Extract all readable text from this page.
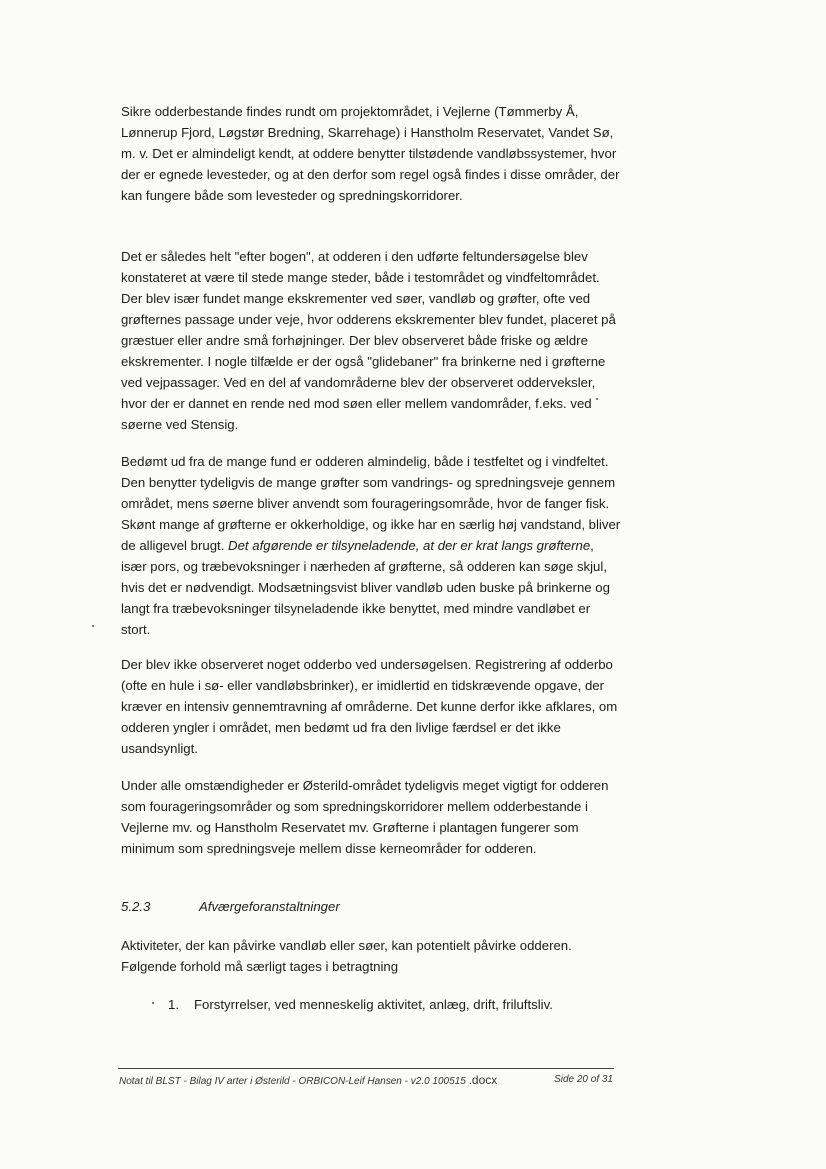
Sikre odderbestande findes rundt om projektområdet, i Vejlerne (Tømmerby Å, Lønnerup Fjord, Løgstør Bredning, Skarrehage) i Hanstholm Reservatet, Vandet Sø, m. v. Det er almindeligt kendt, at oddere benytter tilstødende vandløbssystemer, hvor der er egnede levesteder, og at den derfor som regel også findes i disse områder, der kan fungere både som levesteder og spredningskorridorer.

Det er således helt "efter bogen", at odderen i den udførte feltundersøgelse blev konstateret at være til stede mange steder, både i testområdet og vindfeltområdet. Der blev især fundet mange ekskrementer ved søer, vandløb og grøfter, ofte ved grøfternes passage under veje, hvor odderens ekskrementer blev fundet, placeret på græstuer eller andre små forhøjninger. Der blev observeret både friske og ældre ekskrementer. I nogle tilfælde er der også "glidebaner" fra brinkerne ned i grøfterne ved vejpassager. Ved en del af vandområderne blev der observeret odderveksler, hvor der er dannet en rende ned mod søen eller mellem vandområder, f.eks. ved søerne ved Stensig.

Bedømt ud fra de mange fund er odderen almindelig, både i testfeltet og i vindfeltet. Den benytter tydeligvis de mange grøfter som vandrings- og spredningsveje gennem området, mens søerne bliver anvendt som fourageringsområde, hvor de fanger fisk. Skønt mange af grøfterne er okkerholdige, og ikke har en særlig høj vandstand, bliver de alligevel brugt. Det afgørende er tilsyneladende, at der er krat langs grøfterne, især pors, og træbevoksninger i nærheden af grøfterne, så odderen kan søge skjul, hvis det er nødvendigt. Modsætningsvist bliver vandløb uden buske på brinkerne og langt fra træbevoksninger tilsyneladende ikke benyttet, med mindre vandløbet er stort.

Der blev ikke observeret noget odderbo ved undersøgelsen. Registrering af odderbo (ofte en hule i sø- eller vandløbsbrinker), er imidlertid en tidskrævende opgave, der kræver en intensiv gennemtravning af områderne. Det kunne derfor ikke afklares, om odderen yngler i området, men bedømt ud fra den livlige færdsel er det ikke usandsynligt.

Under alle omstændigheder er Østerild-området tydeligvis meget vigtigt for odderen som fourageringsområder og som spredningskorridorer mellem odderbestande i Vejlerne mv. og Hanstholm Reservatet mv. Grøfterne i plantagen fungerer som minimum som spredningsveje mellem disse kerneområder for odderen.

5.2.3	Afværgeforanstaltninger

Aktiviteter, der kan påvirke vandløb eller søer, kan potentielt påvirke odderen. Følgende forhold må særligt tages i betragtning

1. Forstyrrelser, ved menneskelig aktivitet, anlæg, drift, friluftsliv.
Notat til BLST - Bilag IV arter i Østerild - ORBICON-Leif Hansen - v2.0 100515 .docx	Side 20 of 31
